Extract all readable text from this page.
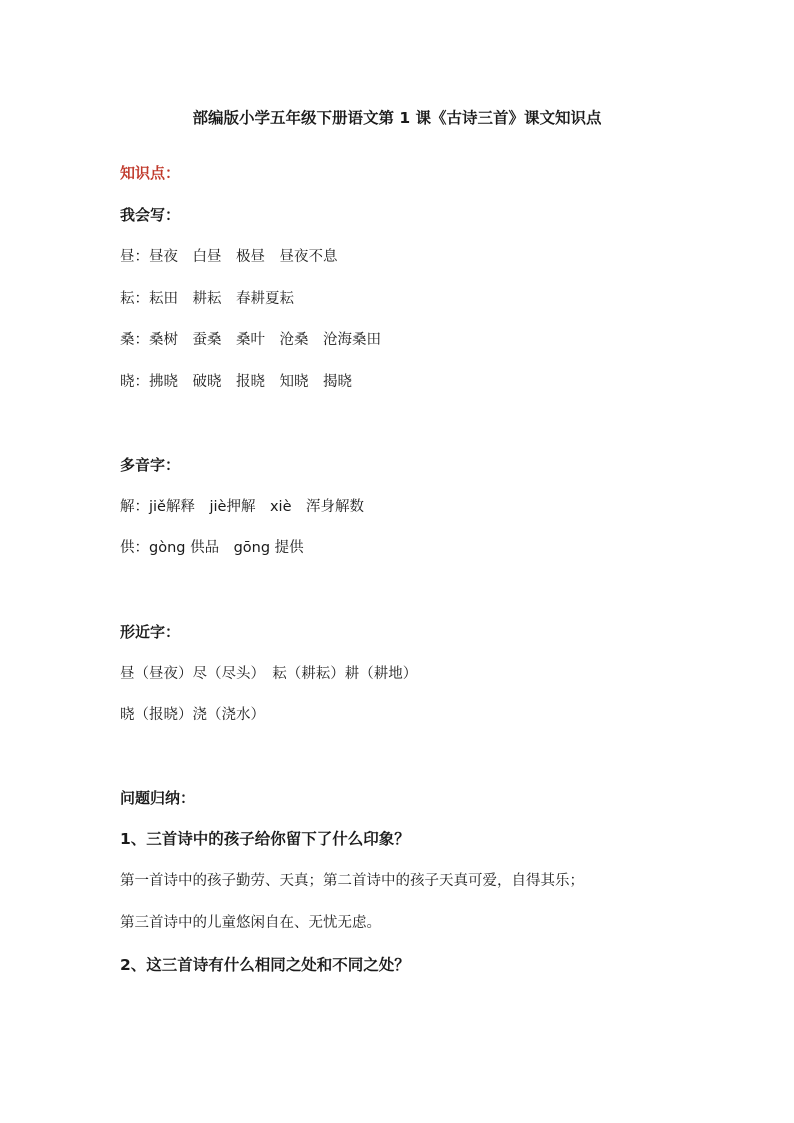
部编版小学五年级下册语文第 1 课《古诗三首》课文知识点
知识点：
我会写：
昼：昼夜　白昼　极昼　昼夜不息
耘：耘田　耕耘　春耕夏耘
桑：桑树　蚕桑　桑叶　沧桑　沧海桑田
晓：拂晓　破晓　报晓　知晓　揭晓
多音字：
解：jiě解释　jiè押解　xiè　浑身解数
供：gòng 供品　gōng 提供
形近字：
昼（昼夜）尽（尽头）　耘（耕耘）耕（耕地）
晓（报晓）浇（浇水）
问题归纳：
1、三首诗中的孩子给你留下了什么印象？
第一首诗中的孩子勤劳、天真；第二首诗中的孩子天真可爱，自得其乐；
第三首诗中的儿童悠闲自在、无忧无虑。
2、这三首诗有什么相同之处和不同之处？
